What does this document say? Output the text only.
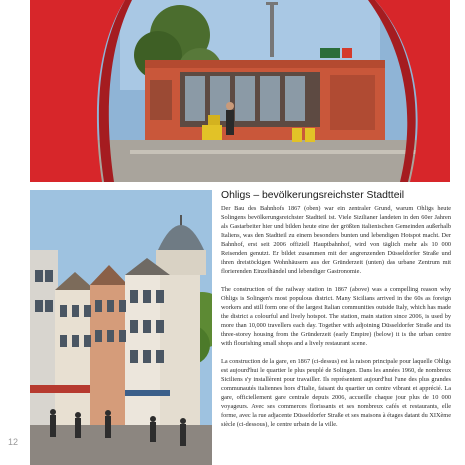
Ohligs – bevölkerungsreichster Stadtteil

Der Bau des Bahnhofs 1867 (oben) war ein zentraler Grund, warum Ohligs heute Solingens bevölkerungsreichster Stadtteil ist. Viele Sizilianer landeten in den 60er Jahren als Gastarbeiter hier und bilden heute eine der größten italienischen Gemeinden außerhalb Italiens, was den Stadtteil zu einem besonders bunten und lebendigen Hotspot macht. Der Bahnhof, erst seit 2006 offiziell Hauptbahnhof, wird von täglich mehr als 10 000 Reisenden genutzt. Er bildet zusammen mit der angrenzenden Düsseldorfer Straße und ihren dreistöckigen Wohnhäusern aus der Gründerzeit (unten) das urbane Zentrum mit florierenden Einzelhändel und lebendiger Gastronomie.

The construction of the railway station in 1867 (above) was a compelling reason why Ohligs is Solingen's most populous district. Many Sicilians arrived in the 60s as foreign workers and still form one of the largest Italian communities outside Italy, which has made the district a colourful and lively hotspot. The station, main station since 2006, is used by more than 10,000 travellers each day. Together with adjoining Düsseldorfer Straße and its three-storey housing from the Gründerzeit (early Empire) (below) it is the urban centre with flourishing small shops and a lively restaurant scene.

La construction de la gare, en 1867 (ci-dessus) est la raison principale pour laquelle Ohligs est aujourd'hui le quartier le plus peuplé de Solingen. Dans les années 1960, de nombreux Siciliens s'y installèrent pour travailler. Ils représentent aujourd'hui l'une des plus grandes communautés italiennes hors d'Italie, faisant du quartier un centre vibrant et apprécié. La gare, officiellement gare centrale depuis 2006, accueille chaque jour plus de 10 000 voyageurs. Avec ses commerces florissants et ses nombreux cafés et restaurants, elle forme, avec la rue adjacente Düsseldorfer Straße et ses maisons à étages datant du XIXème siècle (ci-dessous), le centre urbain de la ville.

12
